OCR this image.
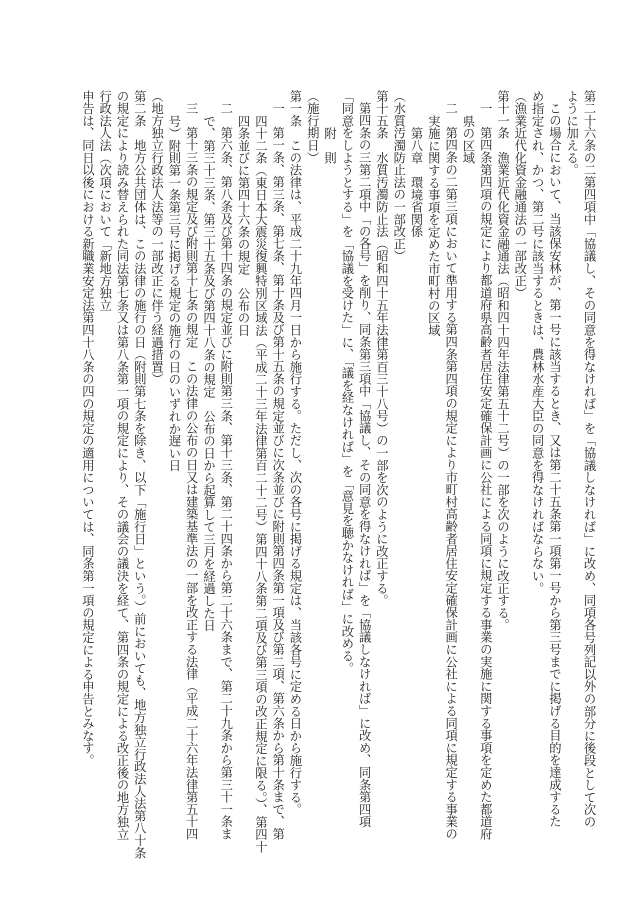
第二十六条の二第四項中「協議し、その同意を得なければ」を「協議しなければ」に改め、同項各号列記以外の部分に後段として次の
ように加える。
この場合において、当該保安林が、第一号に該当するとき、又は第二十五条第一項第一号から第三号までに掲げる目的を達成するた
め指定され、かつ、第二号に該当するときは、農林水産大臣の同意を得なければならない。
（漁業近代化資金融通法の一部改正）
第十一条　漁業近代化資金融通法（昭和四十四年法律第五十二号）の一部を次のように改正する。
一　第四条第四項の規定により都道府県高齢者居住安定確保計画に公社による同項に規定する事業の実施に関する事項を定めた都道府
県の区域
二　第四条の二第三項において準用する第四条第四項の規定により市町村高齢者居住安定確保計画に公社による同項に規定する事業の
実施に関する事項を定めた市町村の区域
第八章　環境省関係
（水質汚濁防止法の一部改正）
第十五条　水質汚濁防止法（昭和四十五年法律第百三十八号）の一部を次のように改正する。
第四条の三第二項中「の各号」を削り、同条第三項中「協議し、その同意を得なければ」を「協議しなければ」に改め、同条第四項
「同意をしようとする」を「協議を受けた」に、「議を経なければ」を「意見を聴かなければ」に改める。
附　則
（施行期日）
第一条　この法律は、平成二十九年四月一日から施行する。ただし、次の各号に掲げる規定は、当該各号に定める日から施行する。
一　第一条、第三条、第七条、第十条及び第十五条の規定並びに次条並びに附則第四条第一項及び第二項、第六条から第十条まで、第
四十二条（東日本大震災復興特別区域法（平成二十三年法律第百二十二号）第四十八条第二項及び第三項の改正規定に限る。）、第四十
四条並びに第四十六条の規定　公布の日
二　第六条、第八条及び第十四条の規定並びに附則第三条、第十三条、第二十四条から第二十六条まで、第二十九条から第三十一条ま
で、第三十三条、第三十五条及び第四十八条の規定　公布の日から起算して三月を経過した日
三　第十三条の規定及び附則第十七条の規定　この法律の公布の日又は建築基準法の一部を改正する法律（平成二十六年法律第五十四
号）附則第一条第三号に掲げる規定の施行の日のいずれか遅い日
（地方独立行政法人法等の一部改正に伴う経過措置）
第二条　地方公共団体は、この法律の施行の日（附則第七条を除き、以下「施行日」という。）前においても、地方独立行政法人法第八十条
の規定により読み替えられた同法第七条又は第八条第一項の規定により、その議会の議決を経て、第四条の規定による改正後の地方独立
行政法人法（次項において「新地方独立
申告は、同日以後における新職業安定法第四十八条の四の規定の適用については、同条第一項の規定による申告とみなす。
